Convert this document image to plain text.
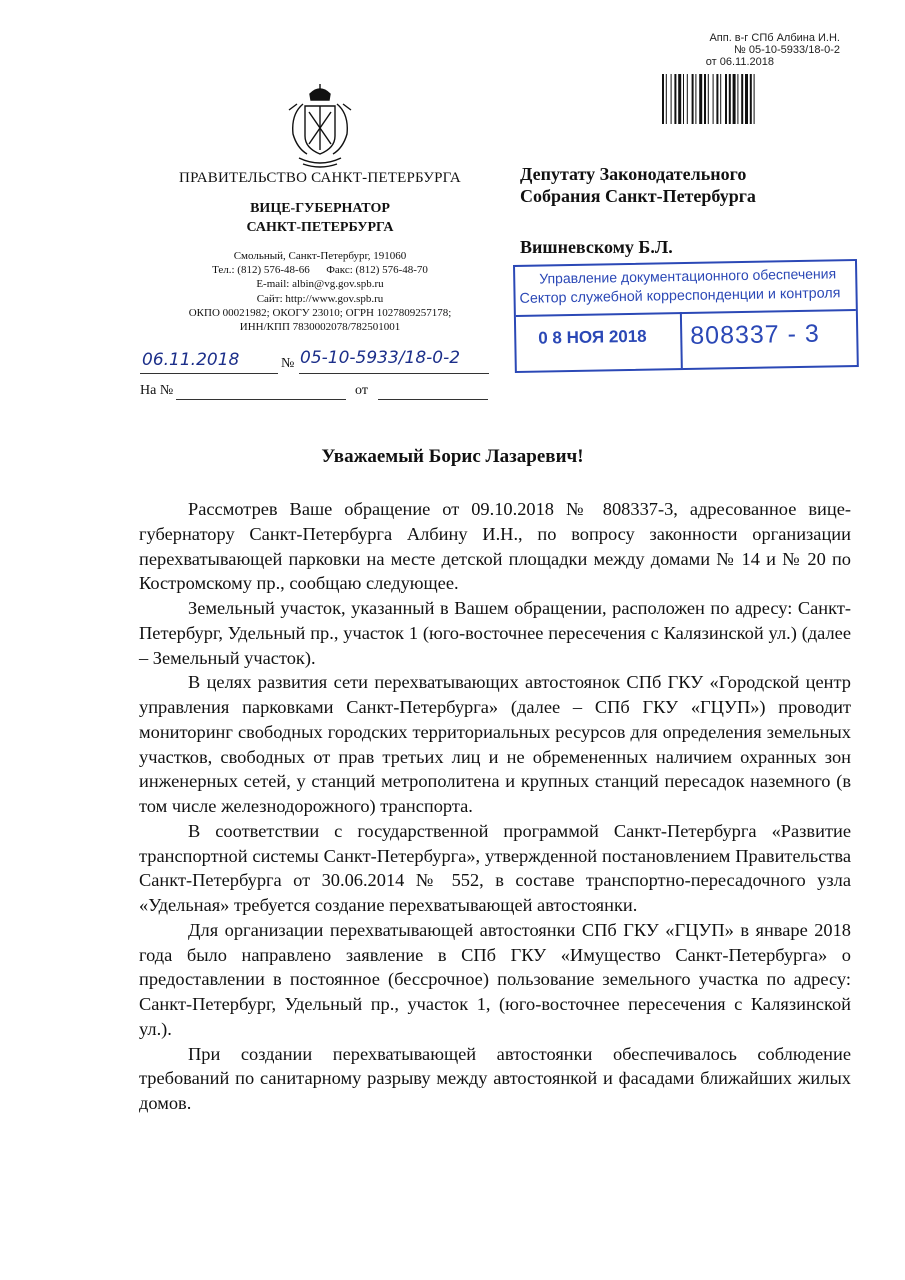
Апп. в-г СПб Албина И.Н.
№ 05-10-5933/18-0-2
от 06.11.2018
ПРАВИТЕЛЬСТВО САНКТ-ПЕТЕРБУРГА
ВИЦЕ-ГУБЕРНАТОР
САНКТ-ПЕТЕРБУРГА
Смольный, Санкт-Петербург, 191060
Тел.: (812) 576-48-66      Факс: (812) 576-48-70
E-mail: albin@vg.gov.spb.ru
Сайт: http://www.gov.spb.ru
ОКПО 00021982; ОКОГУ 23010; ОГРН 1027809257178;
ИНН/КПП 7830002078/782501001
06.11.2018	№ 05-10-5933/18-0-2
На №	от
Депутату Законодательного
Собрания Санкт-Петербурга
Вишневскому Б.Л.
Управление документационного обеспечения
Сектор служебной корреспонденции и контроля
0 8 НОЯ 2018 808337 - 3
Уважаемый Борис Лазаревич!

Рассмотрев Ваше обращение от 09.10.2018 № 808337-3, адресованное вице-губернатору Санкт-Петербурга Албину И.Н., по вопросу законности организации перехватывающей парковки на месте детской площадки между домами № 14 и № 20 по Костромскому пр., сообщаю следующее.

Земельный участок, указанный в Вашем обращении, расположен по адресу: Санкт-Петербург, Удельный пр., участок 1 (юго-восточнее пересечения с Калязинской ул.) (далее – Земельный участок).

В целях развития сети перехватывающих автостоянок СПб ГКУ «Городской центр управления парковками Санкт-Петербурга» (далее – СПб ГКУ «ГЦУП») проводит мониторинг свободных городских территориальных ресурсов для определения земельных участков, свободных от прав третьих лиц и не обремененных наличием охранных зон инженерных сетей, у станций метрополитена и крупных станций пересадок наземного (в том числе железнодорожного) транспорта.

В соответствии с государственной программой Санкт-Петербурга «Развитие транспортной системы Санкт-Петербурга», утвержденной постановлением Правительства Санкт-Петербурга от 30.06.2014 № 552, в составе транспортно-пересадочного узла «Удельная» требуется создание перехватывающей автостоянки.

Для организации перехватывающей автостоянки СПб ГКУ «ГЦУП» в январе 2018 года было направлено заявление в СПб ГКУ «Имущество Санкт-Петербурга» о предоставлении в постоянное (бессрочное) пользование земельного участка по адресу: Санкт-Петербург, Удельный пр., участок 1, (юго-восточнее пересечения с Калязинской ул.).

При создании перехватывающей автостоянки обеспечивалось соблюдение требований по санитарному разрыву между автостоянкой и фасадами ближайших жилых домов.
